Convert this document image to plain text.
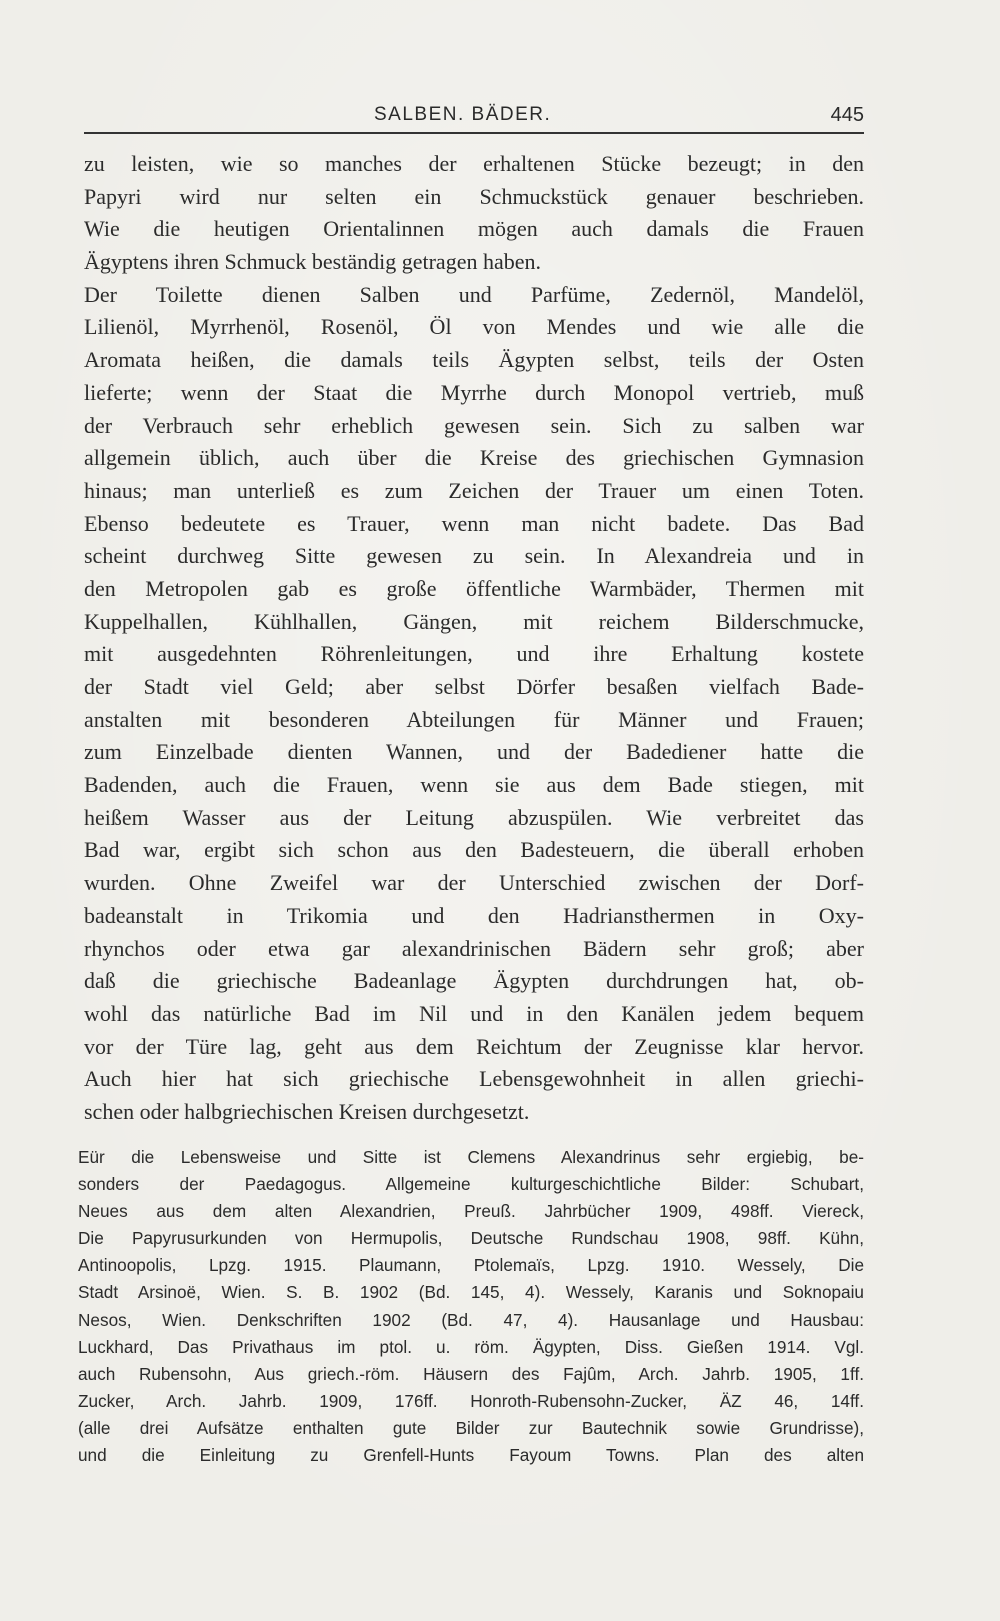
SALBEN. BÄDER.	445
zu leisten, wie so manches der erhaltenen Stücke bezeugt; in den
Papyri wird nur selten ein Schmuckstück genauer beschrieben.
Wie die heutigen Orientalinnen mögen auch damals die Frauen
Ägyptens ihren Schmuck beständig getragen haben.
Der Toilette dienen Salben und Parfüme, Zedernöl, Mandelöl,
Lilienöl, Myrrhenöl, Rosenöl, Öl von Mendes und wie alle die
Aromata heißen, die damals teils Ägypten selbst, teils der Osten
lieferte; wenn der Staat die Myrrhe durch Monopol vertrieb, muß
der Verbrauch sehr erheblich gewesen sein. Sich zu salben war
allgemein üblich, auch über die Kreise des griechischen Gymnasion
hinaus; man unterließ es zum Zeichen der Trauer um einen Toten.
Ebenso bedeutete es Trauer, wenn man nicht badete. Das Bad
scheint durchweg Sitte gewesen zu sein. In Alexandreia und in
den Metropolen gab es große öffentliche Warmbäder, Thermen mit
Kuppelhallen, Kühlhallen, Gängen, mit reichem Bilderschmucke,
mit ausgedehnten Röhrenleitungen, und ihre Erhaltung kostete
der Stadt viel Geld; aber selbst Dörfer besaßen vielfach Bade-
anstalten mit besonderen Abteilungen für Männer und Frauen;
zum Einzelbade dienten Wannen, und der Badediener hatte die
Badenden, auch die Frauen, wenn sie aus dem Bade stiegen, mit
heißem Wasser aus der Leitung abzuspülen. Wie verbreitet das
Bad war, ergibt sich schon aus den Badesteuern, die überall erhoben
wurden. Ohne Zweifel war der Unterschied zwischen der Dorf-
badeanstalt in Trikomia und den Hadriansthermen in Oxy-
rhynchos oder etwa gar alexandrinischen Bädern sehr groß; aber
daß die griechische Badeanlage Ägypten durchdrungen hat, ob-
wohl das natürliche Bad im Nil und in den Kanälen jedem bequem
vor der Türe lag, geht aus dem Reichtum der Zeugnisse klar hervor.
Auch hier hat sich griechische Lebensgewohnheit in allen griechi-
schen oder halbgriechischen Kreisen durchgesetzt.
Eür die Lebensweise und Sitte ist Clemens Alexandrinus sehr ergiebig, be-
sonders der Paedagogus. Allgemeine kulturgeschichtliche Bilder: Schubart,
Neues aus dem alten Alexandrien, Preuß. Jahrbücher 1909, 498ff. Viereck,
Die Papyrusurkunden von Hermupolis, Deutsche Rundschau 1908, 98ff. Kühn,
Antinoopolis, Lpzg. 1915. Plaumann, Ptolemaïs, Lpzg. 1910. Wessely, Die
Stadt Arsinoë, Wien. S. B. 1902 (Bd. 145, 4). Wessely, Karanis und Soknopaiu
Nesos, Wien. Denkschriften 1902 (Bd. 47, 4). Hausanlage und Hausbau:
Luckhard, Das Privathaus im ptol. u. röm. Ägypten, Diss. Gießen 1914. Vgl.
auch Rubensohn, Aus griech.-röm. Häusern des Fajûm, Arch. Jahrb. 1905, 1ff.
Zucker, Arch. Jahrb. 1909, 176ff. Honroth-Rubensohn-Zucker, ÄZ 46, 14ff.
(alle drei Aufsätze enthalten gute Bilder zur Bautechnik sowie Grundrisse),
und die Einleitung zu Grenfell-Hunts Fayoum Towns. Plan des alten
